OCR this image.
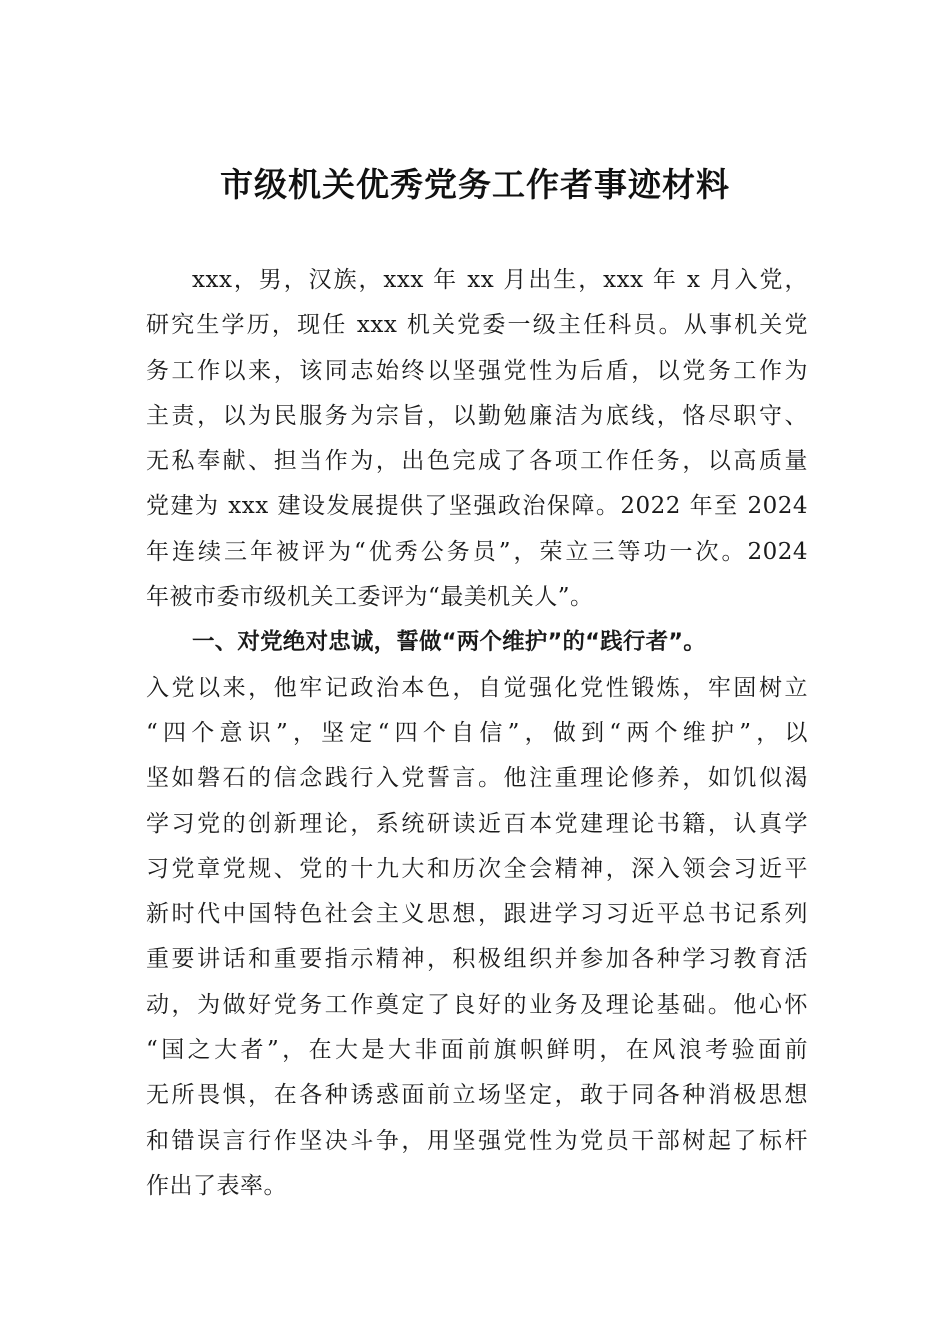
市级机关优秀党务工作者事迹材料
xxx，男，汉族，xxx 年 xx 月出生，xxx 年 x 月入党，
研究生学历，现任 xxx 机关党委一级主任科员。从事机关党
务工作以来，该同志始终以坚强党性为后盾，以党务工作为
主责，以为民服务为宗旨，以勤勉廉洁为底线，恪尽职守、
无私奉献、担当作为，出色完成了各项工作任务，以高质量
党建为 xxx 建设发展提供了坚强政治保障。2022 年至 2024
年连续三年被评为“优秀公务员”，荣立三等功一次。2024
年被市委市级机关工委评为“最美机关人”。
一、对党绝对忠诚，誓做“两个维护”的“践行者”。
入党以来，他牢记政治本色，自觉强化党性锻炼，牢固树立
“四个意识”，坚定“四个自信”，做到“两个维护”，以
坚如磐石的信念践行入党誓言。他注重理论修养，如饥似渴
学习党的创新理论，系统研读近百本党建理论书籍，认真学
习党章党规、党的十九大和历次全会精神，深入领会习近平
新时代中国特色社会主义思想，跟进学习习近平总书记系列
重要讲话和重要指示精神，积极组织并参加各种学习教育活
动，为做好党务工作奠定了良好的业务及理论基础。他心怀
“国之大者”，在大是大非面前旗帜鲜明，在风浪考验面前
无所畏惧，在各种诱惑面前立场坚定，敢于同各种消极思想
和错误言行作坚决斗争，用坚强党性为党员干部树起了标杆
作出了表率。
